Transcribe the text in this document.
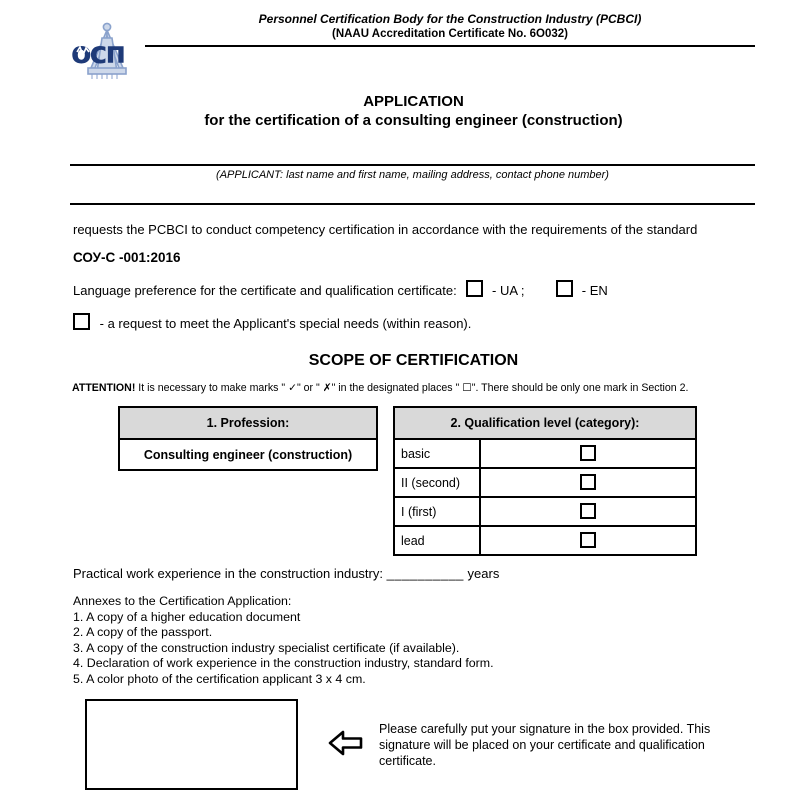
осп
Personnel Certification Body for the Construction Industry (PCBCI)
(NAAU Accreditation Certificate No. 6O032)
APPLICATION
for the certification of a consulting engineer (construction)
(APPLICANT: last name and first name, mailing address, contact phone number)
requests the PCBCI to conduct competency certification in accordance with the requirements of the standard
СОУ-С -001:2016
Language preference for the certificate and qualification certificate:	- UA ;	- EN
- a request to meet the Applicant's special needs (within reason).
SCOPE OF CERTIFICATION
ATTENTION! It is necessary to make marks " ✓" or " ✗" in the designated places " ☐". There should be only one mark in Section 2.
1. Profession:
Consulting engineer (construction)
2. Qualification level (category):	
basic	
II (second)	
I (first)	
lead	
Practical work experience in the construction industry: __________ years
Annexes to the Certification Application:
1. A copy of a higher education document
2. A copy of the passport.
3. A copy of the construction industry specialist certificate (if available).
4. Declaration of work experience in the construction industry, standard form.
5. A color photo of the certification applicant 3 x 4 cm.
Please carefully put your signature in the box provided. This signature will be placed on your certificate and qualification certificate.
